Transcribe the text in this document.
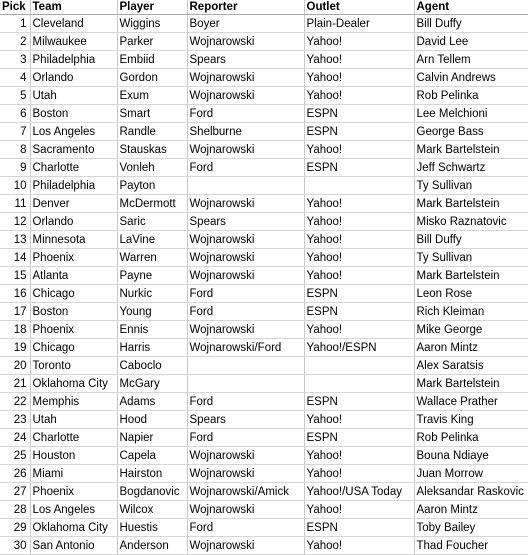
Pick	Team	Player	Reporter	Outlet	Agent
1	Cleveland	Wiggins	Boyer	Plain-Dealer	Bill Duffy
2	Milwaukee	Parker	Wojnarowski	Yahoo!	David Lee
3	Philadelphia	Embiid	Spears	Yahoo!	Arn Tellem
4	Orlando	Gordon	Wojnarowski	Yahoo!	Calvin Andrews
5	Utah	Exum	Wojnarowski	Yahoo!	Rob Pelinka
6	Boston	Smart	Ford	ESPN	Lee Melchioni
7	Los Angeles	Randle	Shelburne	ESPN	George Bass
8	Sacramento	Stauskas	Wojnarowski	Yahoo!	Mark Bartelstein
9	Charlotte	Vonleh	Ford	ESPN	Jeff Schwartz
10	Philadelphia	Payton			Ty Sullivan
11	Denver	McDermott	Wojnarowski	Yahoo!	Mark Bartelstein
12	Orlando	Saric	Spears	Yahoo!	Misko Raznatovic
13	Minnesota	LaVine	Wojnarowski	Yahoo!	Bill Duffy
14	Phoenix	Warren	Wojnarowski	Yahoo!	Ty Sullivan
15	Atlanta	Payne	Wojnarowski	Yahoo!	Mark Bartelstein
16	Chicago	Nurkic	Ford	ESPN	Leon Rose
17	Boston	Young	Ford	ESPN	Rich Kleiman
18	Phoenix	Ennis	Wojnarowski	Yahoo!	Mike George
19	Chicago	Harris	Wojnarowski/Ford	Yahoo!/ESPN	Aaron Mintz
20	Toronto	Caboclo			Alex Saratsis
21	Oklahoma City	McGary			Mark Bartelstein
22	Memphis	Adams	Ford	ESPN	Wallace Prather
23	Utah	Hood	Spears	Yahoo!	Travis King
24	Charlotte	Napier	Ford	ESPN	Rob Pelinka
25	Houston	Capela	Wojnarowski	Yahoo!	Bouna Ndiaye
26	Miami	Hairston	Wojnarowski	Yahoo!	Juan Morrow
27	Phoenix	Bogdanovic	Wojnarowski/Amick	Yahoo!/USA Today	Aleksandar Raskovic
28	Los Angeles	Wilcox	Wojnarowski	Yahoo!	Aaron Mintz
29	Oklahoma City	Huestis	Ford	ESPN	Toby Bailey
30	San Antonio	Anderson	Wojnarowski	Yahoo!	Thad Foucher
